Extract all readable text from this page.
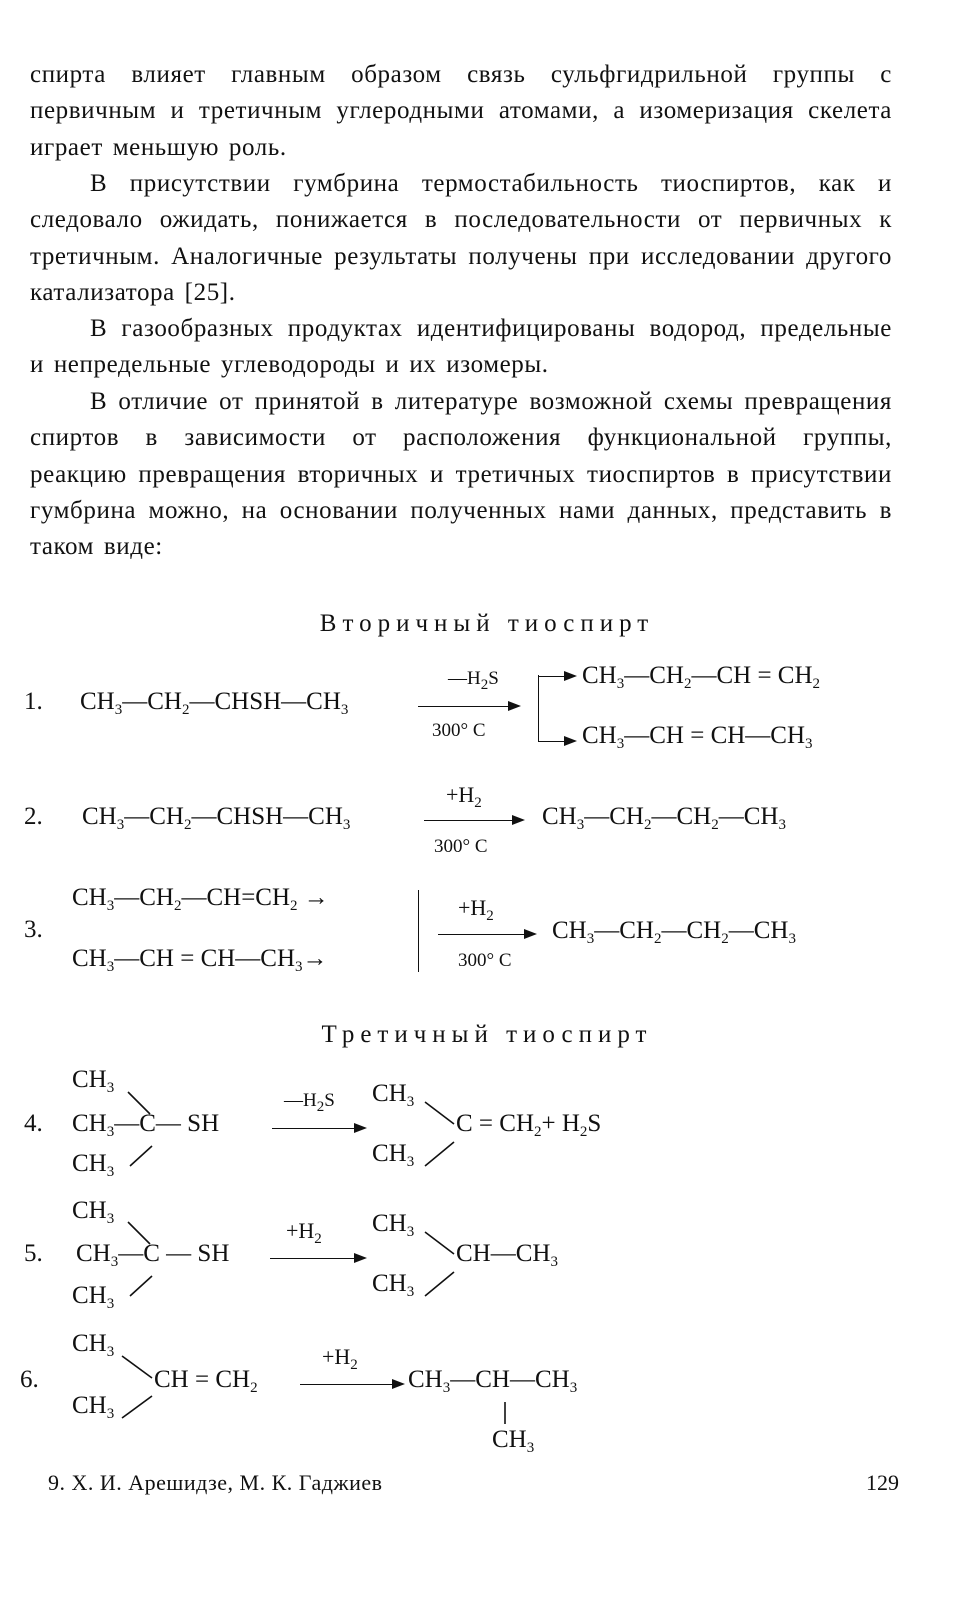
спирта влияет главным образом связь сульфгидрильной группы с первичным и третичным углеродными атомами, а изомеризация скелета играет меньшую роль.

В присутствии гумбрина термостабильность тиоспиртов, как и следовало ожидать, понижается в последовательности от первичных к третичным. Аналогичные результаты получены при исследовании другого катализатора [25].

В газообразных продуктах идентифицированы водород, предельные и непредельные углеводороды и их изомеры.

В отличие от принятой в литературе возможной схемы превращения спиртов в зависимости от расположения функциональной группы, реакцию превращения вторичных и третичных тиоспиртов в присутствии гумбрина можно, на основании полученных нами данных, представить в таком виде:

Вторичный тиоспирт
1. $CH_3—CH_2—CHSH—CH_3$
$—H_2S$
300° C
$CH_3—CH_2—CH = CH_2$
$CH_3—CH$ = $CH—CH_3$
2. $CH_3—CH_2—CHSH—CH_3$
$+H_2$
300° C
$CH_3—CH_2—CH_2—CH_3$
3.
$CH_3—CH_2—CH=CH_2$ →
$CH_3—CH$ = $CH—CH_3\to$
$+H_2$
300° C
$CH_3—CH_2—CH_2—CH_3$
Третичный тиоспирт
4.
$CH_3$
$CH_3—C—$ SH
$CH_3$
$—H_2S$ $CH_3$
$CH_3$
$C = CH_2+ H_2S$
5.
$CH_3$
$CH_3—C$ — SH
$CH_3$
$+H_2$
$CH_3$
$CH_3$
$CH—CH_3$
6.
$CH_3$
$CH_3$
CH = $CH_2$
$+H_2$
$CH_3—CH—CH_3$
$CH_3$
9. Х. И. Арешидзе, М. К. Гаджиев	129
